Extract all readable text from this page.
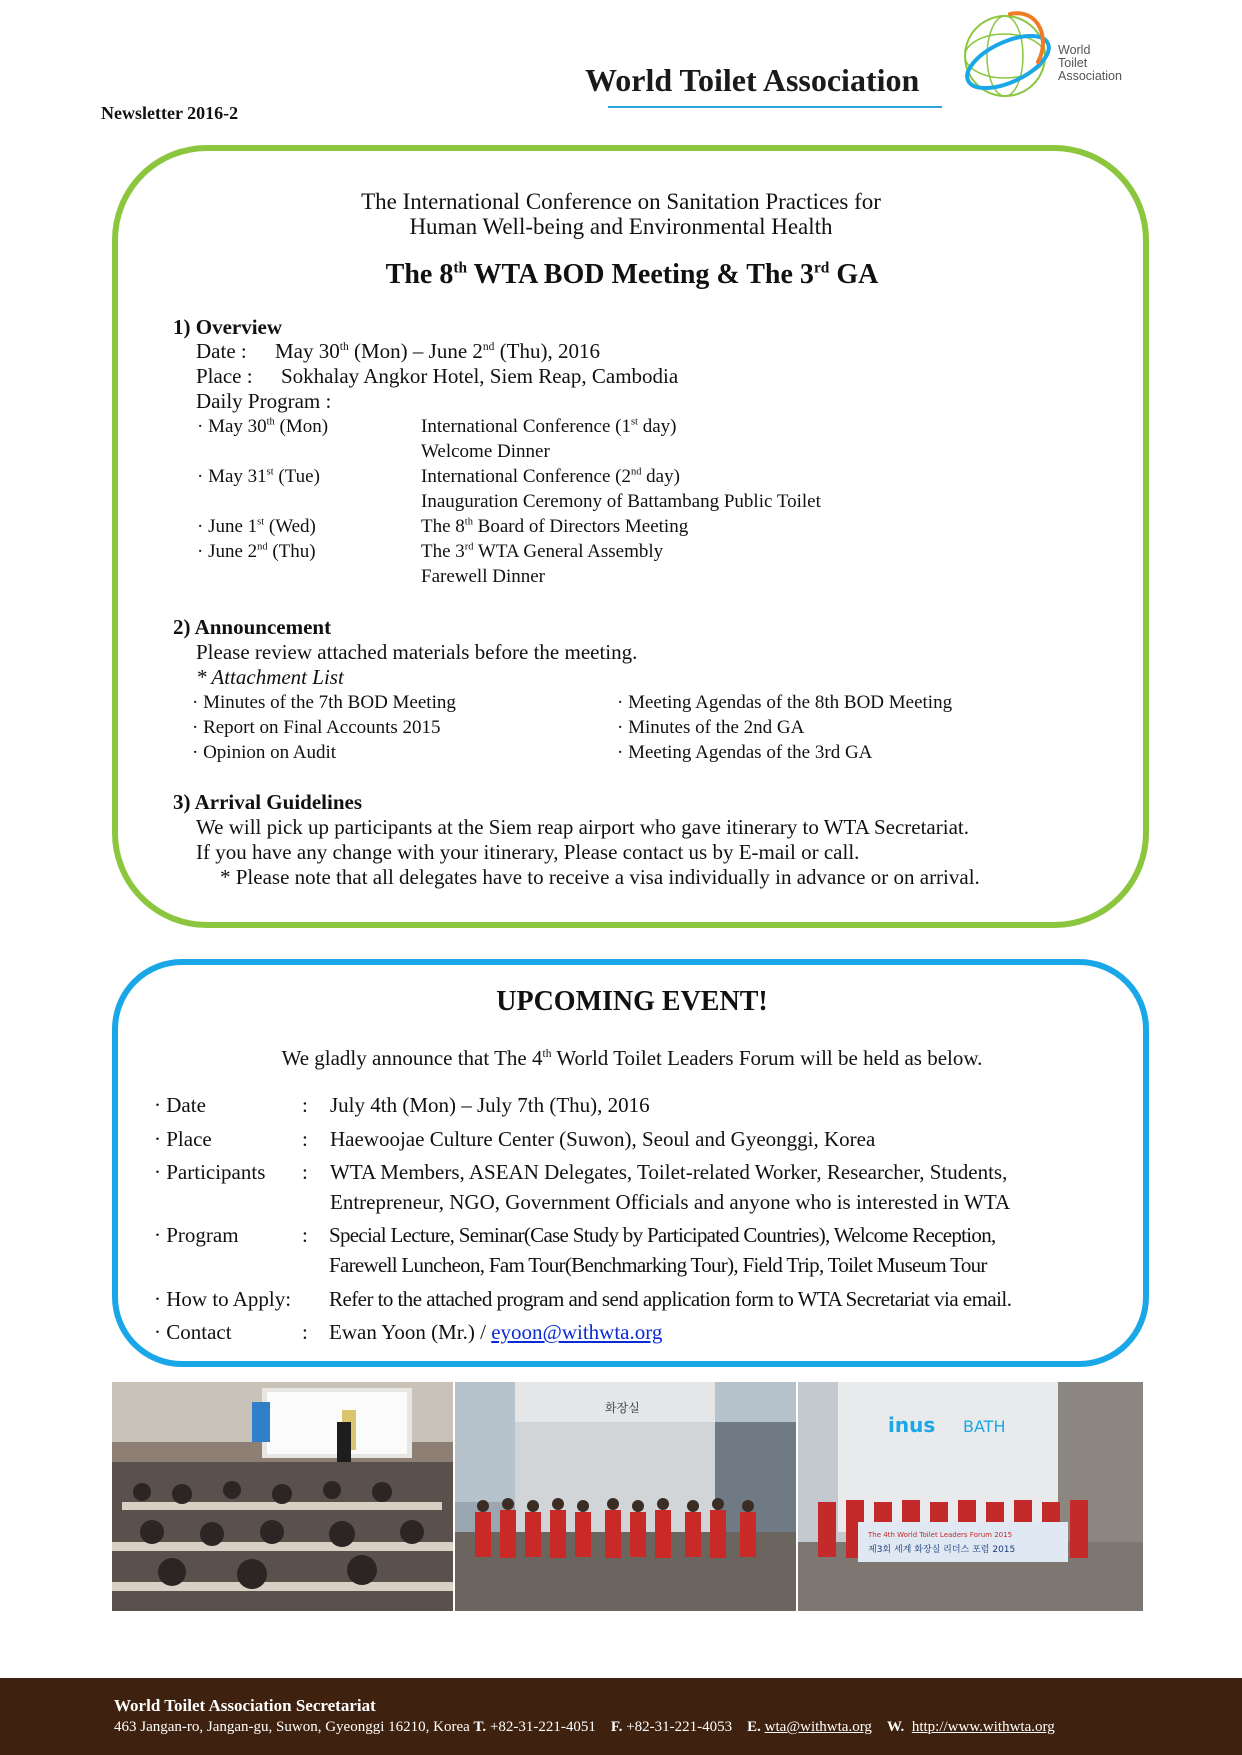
World Toilet Association
Newsletter 2016-2
World
Toilet
Association
The International Conference on Sanitation Practices for
Human Well-being and Environmental Health
The 8th WTA BOD Meeting & The 3rd GA
1) Overview
Date : May 30th (Mon) – June 2nd (Thu), 2016
Place : Sokhalay Angkor Hotel, Siem Reap, Cambodia
Daily Program :
· May 30th (Mon)	International Conference (1st day)
Welcome Dinner
· May 31st (Tue)	International Conference (2nd day)
Inauguration Ceremony of Battambang Public Toilet
· June 1st (Wed)	The 8th Board of Directors Meeting
· June 2nd (Thu)	The 3rd WTA General Assembly
Farewell Dinner
2) Announcement
Please review attached materials before the meeting.
* Attachment List
· Minutes of the 7th BOD Meeting
· Report on Final Accounts 2015
· Opinion on Audit
· Meeting Agendas of the 8th BOD Meeting
· Minutes of the 2nd GA
· Meeting Agendas of the 3rd GA
3) Arrival Guidelines
We will pick up participants at the Siem reap airport who gave itinerary to WTA Secretariat.
If you have any change with your itinerary, Please contact us by E-mail or call.
* Please note that all delegates have to receive a visa individually in advance or on arrival.
UPCOMING EVENT!
We gladly announce that The 4th World Toilet Leaders Forum will be held as below.
· Date	: July 4th (Mon) – July 7th (Thu), 2016
· Place	: Haewoojae Culture Center (Suwon), Seoul and Gyeonggi, Korea
· Participants : WTA Members, ASEAN Delegates, Toilet-related Worker, Researcher, Students,
Entrepreneur, NGO, Government Officials and anyone who is interested in WTA
· Program	: Special Lecture, Seminar(Case Study by Participated Countries), Welcome Reception,
Farewell Luncheon, Fam Tour(Benchmarking Tour), Field Trip, Toilet Museum Tour
· How to Apply: Refer to the attached program and send application form to WTA Secretariat via email.
· Contact	: Ewan Yoon (Mr.) / eyoon@withwta.org
화장실
inus BATH
The 4th World Toilet Leaders Forum 2015
제3회 세계 화장실 리더스 포럼 2015
World Toilet Association Secretariat
463 Jangan-ro, Jangan-gu, Suwon, Gyeonggi 16210, Korea T. +82-31-221-4051 F. +82-31-221-4053 E. wta@withwta.org W. http://www.withwta.org
